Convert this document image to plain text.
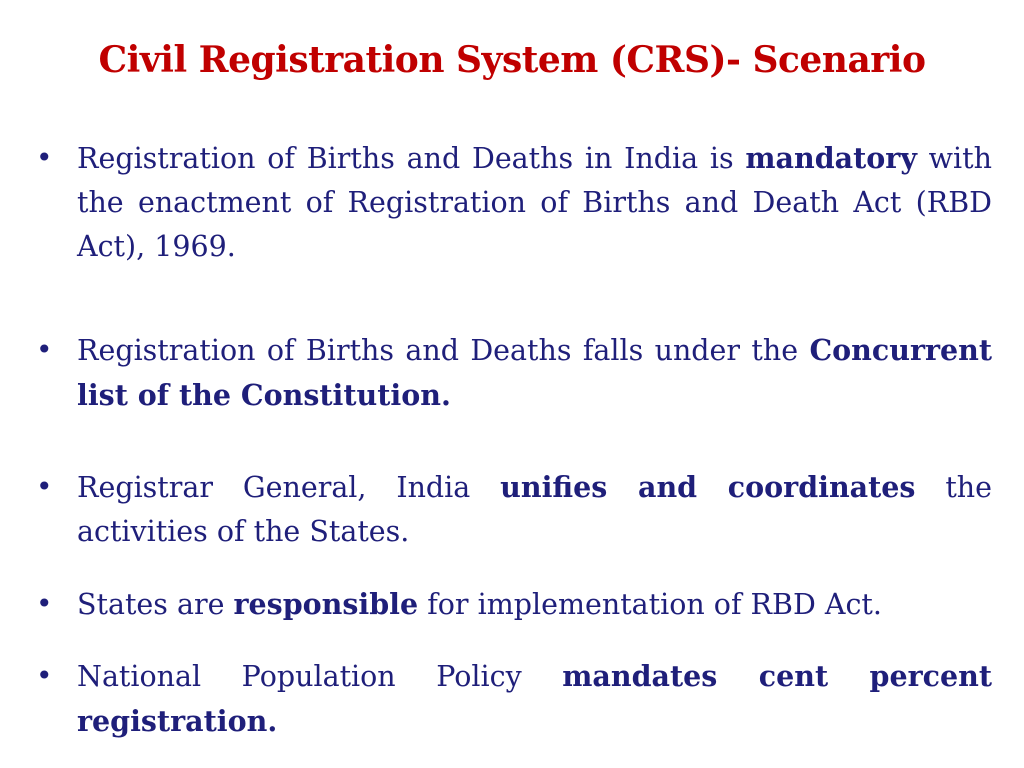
Civil Registration System (CRS)- Scenario
• Registration of Births and Deaths in India is mandatory with the enactment of Registration of Births and Death Act (RBD Act), 1969.
• Registration of Births and Deaths falls under the Concurrent list of the Constitution.
• Registrar General, India unifies and coordinates the activities of the States.
• States are responsible for implementation of RBD Act.
• National Population Policy mandates cent percent registration.
